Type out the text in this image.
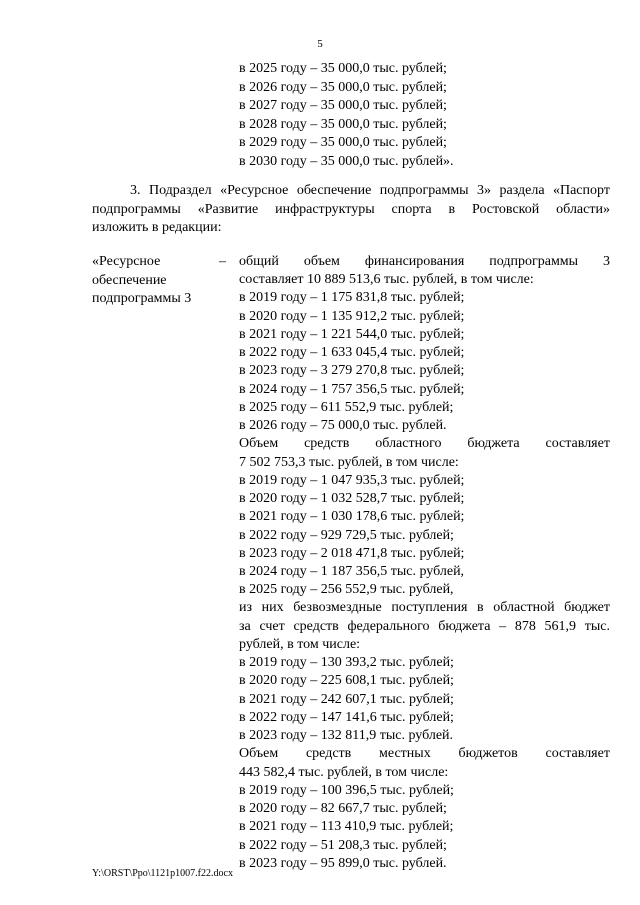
5
в 2025 году – 35 000,0 тыс. рублей;
в 2026 году – 35 000,0 тыс. рублей;
в 2027 году – 35 000,0 тыс. рублей;
в 2028 году – 35 000,0 тыс. рублей;
в 2029 году – 35 000,0 тыс. рублей;
в 2030 году – 35 000,0 тыс. рублей».
3. Подраздел «Ресурсное обеспечение подпрограммы 3» раздела «Паспорт
подпрограммы «Развитие инфраструктуры спорта в Ростовской области»
изложить в редакции:
«Ресурсное
обеспечение
подпрограммы 3
– общий объем финансирования подпрограммы 3
составляет 10 889 513,6 тыс. рублей, в том числе:
в 2019 году – 1 175 831,8 тыс. рублей;
в 2020 году – 1 135 912,2 тыс. рублей;
в 2021 году – 1 221 544,0 тыс. рублей;
в 2022 году – 1 633 045,4 тыс. рублей;
в 2023 году – 3 279 270,8 тыс. рублей;
в 2024 году – 1 757 356,5 тыс. рублей;
в 2025 году – 611 552,9 тыс. рублей;
в 2026 году – 75 000,0 тыс. рублей.
Объем средств областного бюджета составляет
7 502 753,3 тыс. рублей, в том числе:
в 2019 году – 1 047 935,3 тыс. рублей;
в 2020 году – 1 032 528,7 тыс. рублей;
в 2021 году – 1 030 178,6 тыс. рублей;
в 2022 году – 929 729,5 тыс. рублей;
в 2023 году – 2 018 471,8 тыс. рублей;
в 2024 году – 1 187 356,5 тыс. рублей,
в 2025 году – 256 552,9 тыс. рублей,
из них безвозмездные поступления в областной бюджет
за счет средств федерального бюджета – 878 561,9 тыс.
рублей, в том числе:
в 2019 году – 130 393,2 тыс. рублей;
в 2020 году – 225 608,1 тыс. рублей;
в 2021 году – 242 607,1 тыс. рублей;
в 2022 году – 147 141,6 тыс. рублей;
в 2023 году – 132 811,9 тыс. рублей.
Объем средств местных бюджетов составляет
443 582,4 тыс. рублей, в том числе:
в 2019 году – 100 396,5 тыс. рублей;
в 2020 году – 82 667,7 тыс. рублей;
в 2021 году – 113 410,9 тыс. рублей;
в 2022 году – 51 208,3 тыс. рублей;
в 2023 году – 95 899,0 тыс. рублей.
Y:\ORST\Ppo\1121p1007.f22.docx
